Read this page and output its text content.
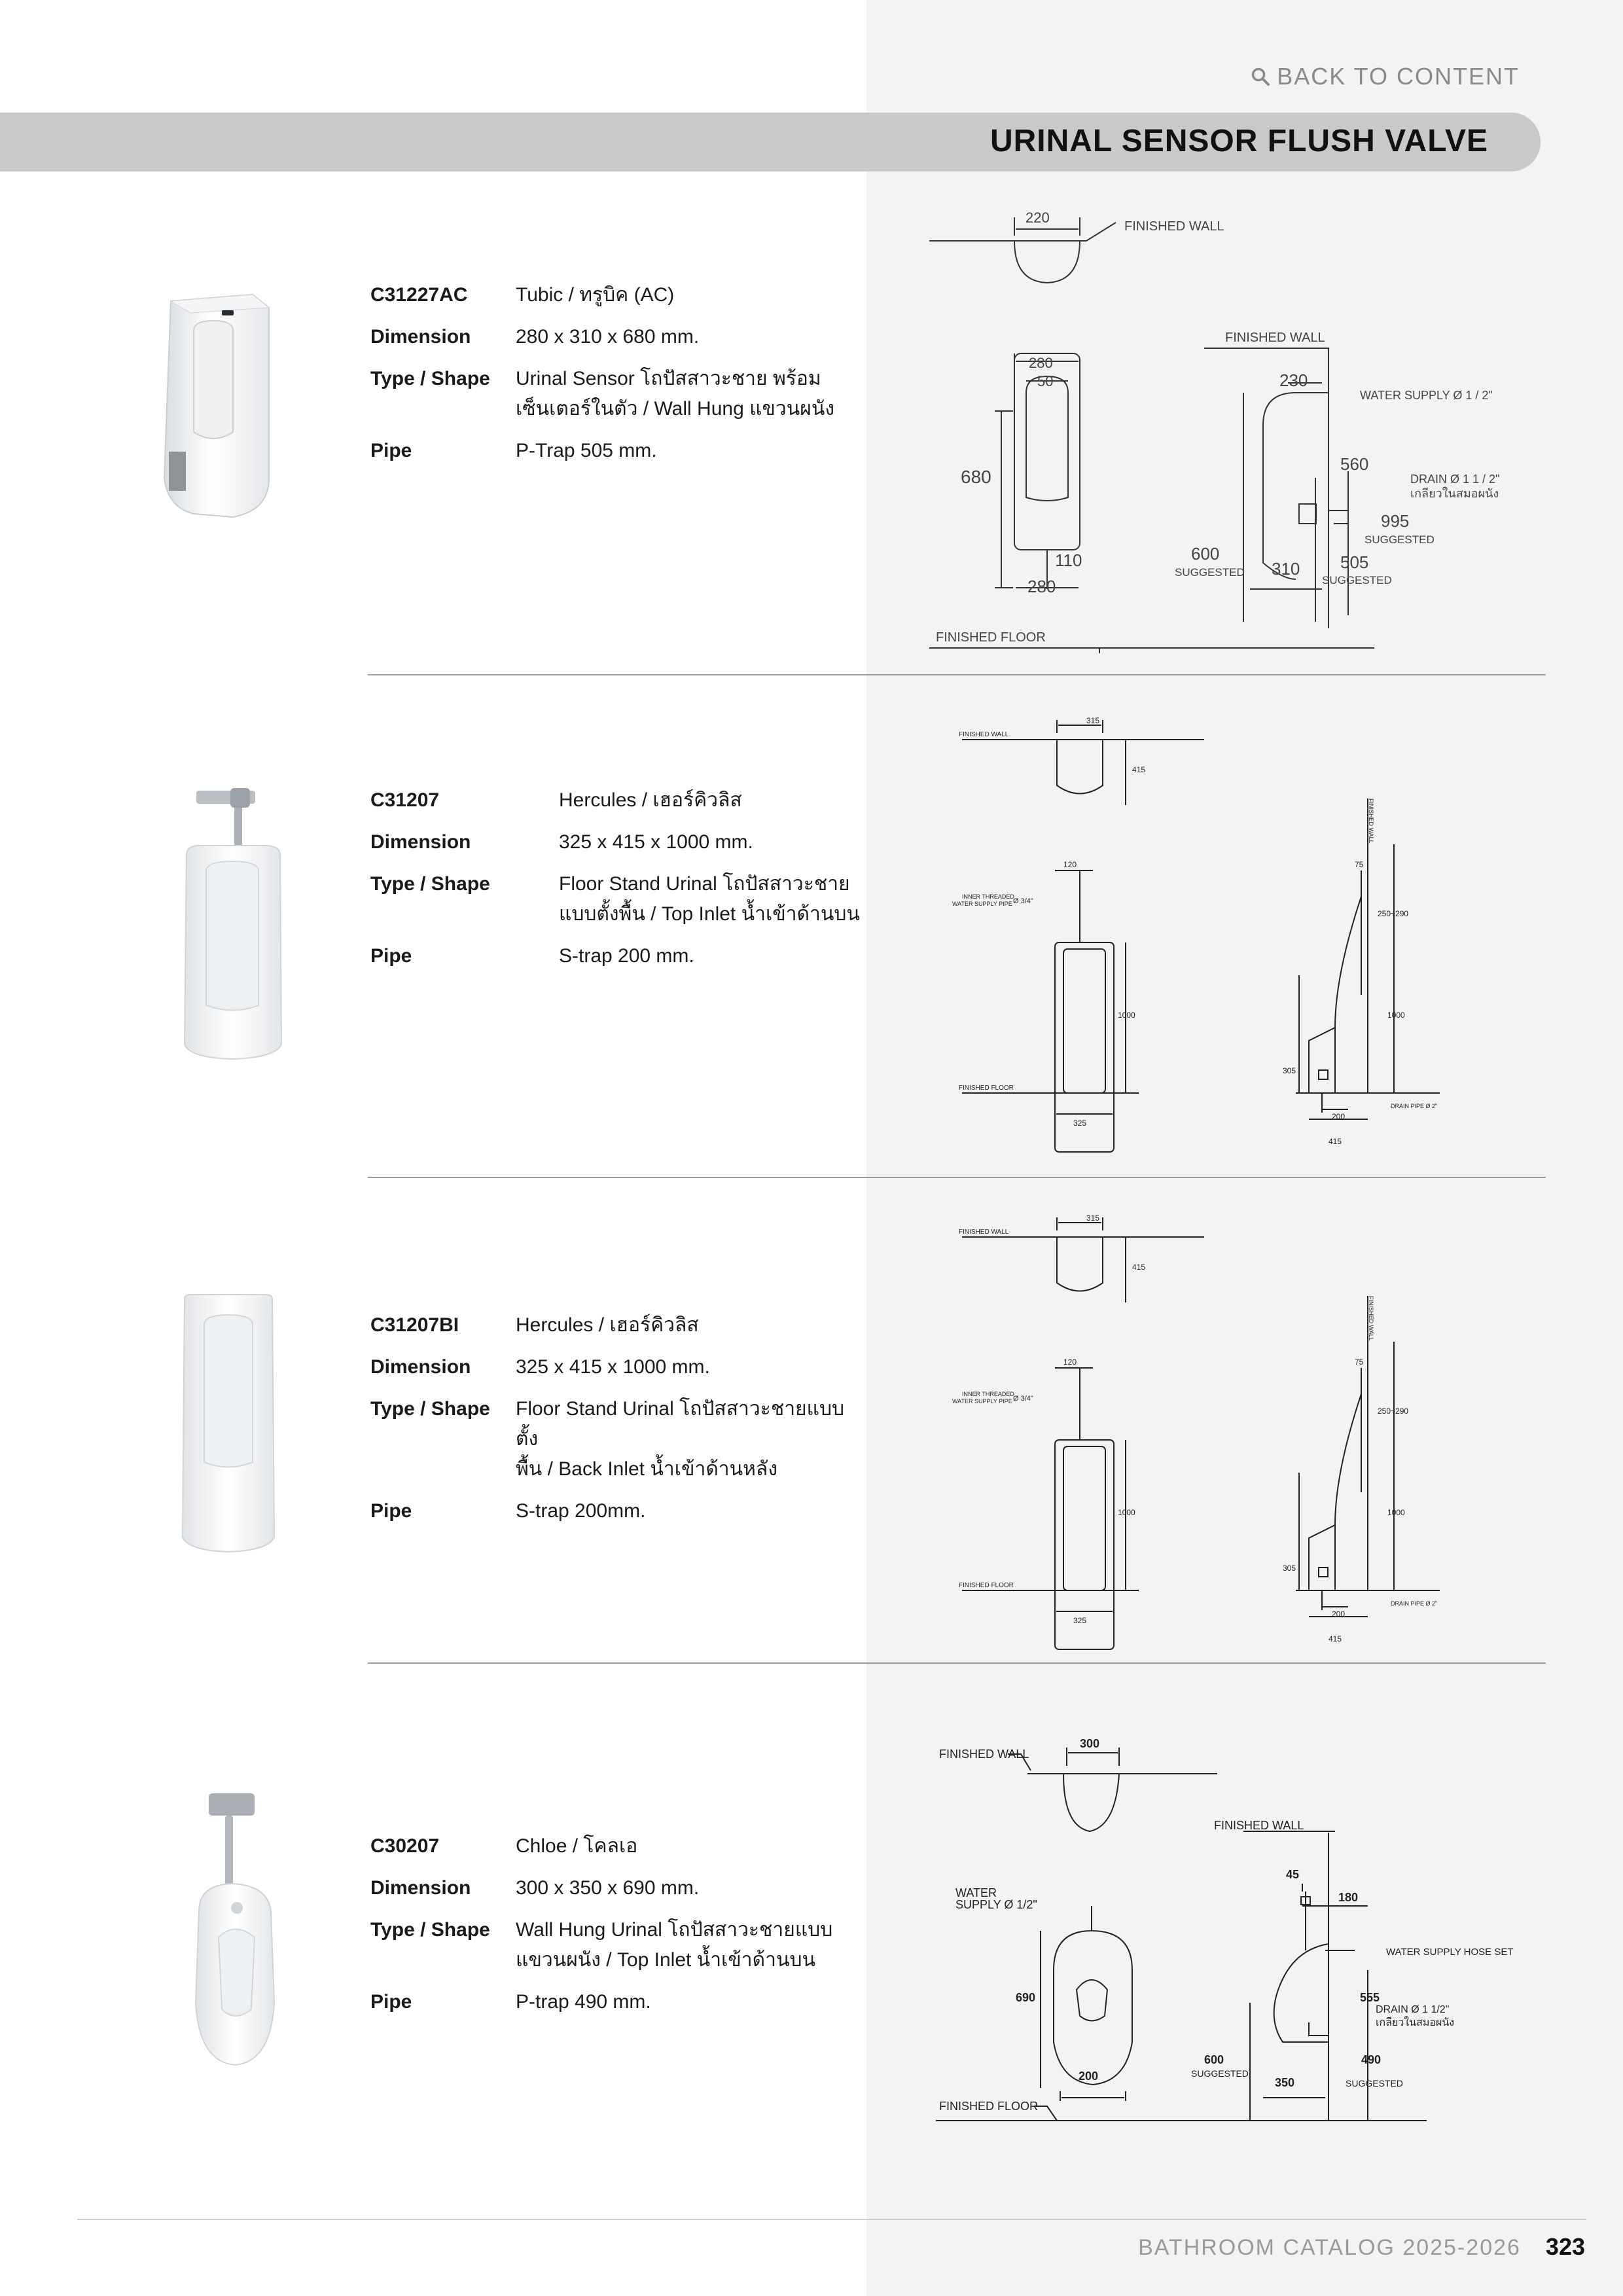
BACK TO CONTENT
URINAL SENSOR FLUSH VALVE
C31227AC	Tubic / ทรูบิค (AC)
Dimension	280 x 310 x 680 mm.
Type / Shape	Urinal Sensor โถปัสสาวะชาย พร้อม
เซ็นเตอร์ในตัว / Wall Hung แขวนผนัง
Pipe	P-Trap 505 mm.
220
FINISHED WALL
280
50
680
110
280
FINISHED FLOOR
FINISHED WALL
230
WATER SUPPLY Ø 1 / 2"
560
DRAIN Ø 1 1 / 2"
เกลียวในสมอผนัง
995
SUGGESTED
600
SUGGESTED 310 505
SUGGESTED
C31207	Hercules / เฮอร์คิวลิส
Dimension	325 x 415 x 1000 mm.
Type / Shape	Floor Stand Urinal โถปัสสาวะชาย
แบบตั้งพื้น / Top Inlet น้ำเข้าด้านบน
Pipe	S-trap 200 mm.
315
FINISHED WALL
415
120
INNER THREADED
WATER SUPPLY PIPE Ø 3/4"
1000
FINISHED FLOOR
325
75
250~290
1000
305
200
DRAIN PIPE Ø 2"
415
FINISHED WALL
C31207BI	Hercules / เฮอร์คิวลิส
Dimension	325 x 415 x 1000 mm.
Type / Shape	Floor Stand Urinal โถปัสสาวะชายแบบตั้ง
พื้น / Back Inlet น้ำเข้าด้านหลัง
Pipe	S-trap 200mm.
315
FINISHED WALL
415
120
INNER THREADED
WATER SUPPLY PIPE Ø 3/4"
1000
FINISHED FLOOR
325
75
250~290
1000
305
200
DRAIN PIPE Ø 2"
415
FINISHED WALL
C30207	Chloe / โคลเอ
Dimension	300 x 350 x 690 mm.
Type / Shape	Wall Hung Urinal โถปัสสาวะชายแบบ
แขวนผนัง / Top Inlet น้ำเข้าด้านบน
Pipe	P-trap 490 mm.
300
FINISHED WALL
FINISHED WALL
45
180
WATER
SUPPLY Ø 1/2"
WATER SUPPLY HOSE SET
690	555
DRAIN Ø 1 1/2"
เกลียวในสมอผนัง
600
SUGGESTED
490
SUGGESTED
350
200
FINISHED FLOOR
BATHROOM CATALOG 2025-2026 323
